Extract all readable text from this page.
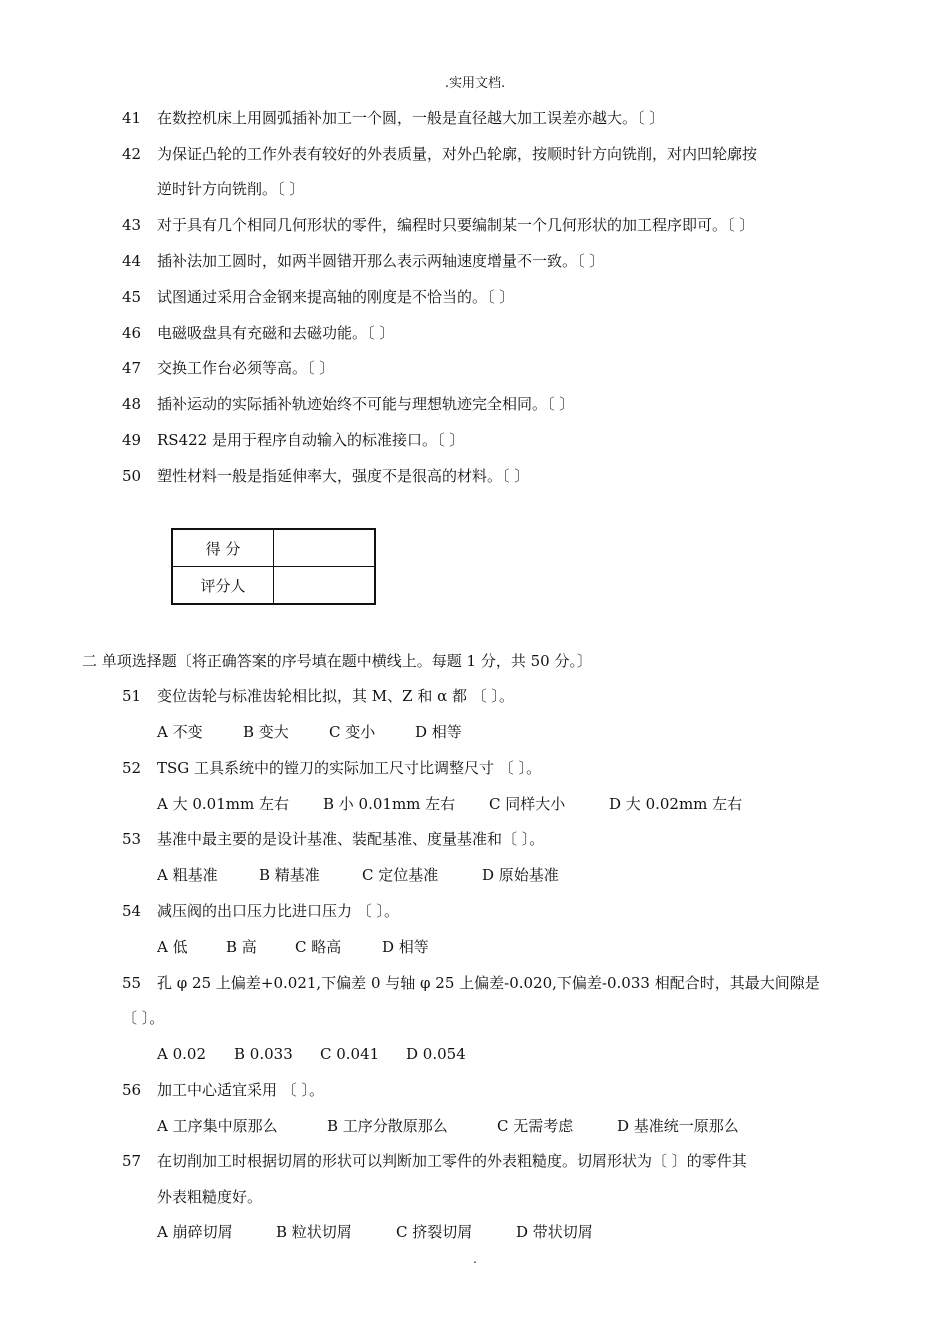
.实用文档.
41 在数控机床上用圆弧插补加工一个圆，一般是直径越大加工误差亦越大。〔 〕
42 为保证凸轮的工作外表有较好的外表质量，对外凸轮廓，按顺时针方向铣削，对内凹轮廓按
逆时针方向铣削。〔 〕
43 对于具有几个相同几何形状的零件，编程时只要编制某一个几何形状的加工程序即可。〔 〕
44 插补法加工圆时，如两半圆错开那么表示两轴速度增量不一致。〔 〕
45 试图通过采用合金钢来提高轴的刚度是不恰当的。〔 〕
46 电磁吸盘具有充磁和去磁功能。〔 〕
47 交换工作台必须等高。〔 〕
48 插补运动的实际插补轨迹始终不可能与理想轨迹完全相同。〔 〕
49 RS422 是用于程序自动输入的标准接口。〔 〕
50 塑性材料一般是指延伸率大，强度不是很高的材料。〔 〕
得 分	
评分人	
二 单项选择题〔将正确答案的序号填在题中横线上。每题 1 分，共 50 分。〕
51 变位齿轮与标准齿轮相比拟，其 M、Z 和 α 都 〔 〕。
A 不变	B 变大	C 变小	D 相等
52 TSG 工具系统中的镗刀的实际加工尺寸比调整尺寸 〔 〕。
A 大 0.01mm 左右 B 小 0.01mm 左右 C 同样大小	D 大 0.02mm 左右
53 基准中最主要的是设计基准、装配基准、度量基准和〔 〕。
A 粗基准	B 精基准	C 定位基准	D 原始基准
54 减压阀的出口压力比进口压力 〔 〕。
A 低	B 高	C 略高	D 相等
55 孔 φ 25 上偏差+0.021,下偏差 0 与轴 φ 25 上偏差-0.020,下偏差-0.033 相配合时，其最大间隙是
〔 〕。
A 0.02 B 0.033 C 0.041 D 0.054
56 加工中心适宜采用 〔 〕。
A 工序集中原那么	B 工序分散原那么	C 无需考虑	D 基准统一原那么
57 在切削加工时根据切屑的形状可以判断加工零件的外表粗糙度。切屑形状为〔 〕的零件其
外表粗糙度好。
A 崩碎切屑	B 粒状切屑	C 挤裂切屑	D 带状切屑
.
